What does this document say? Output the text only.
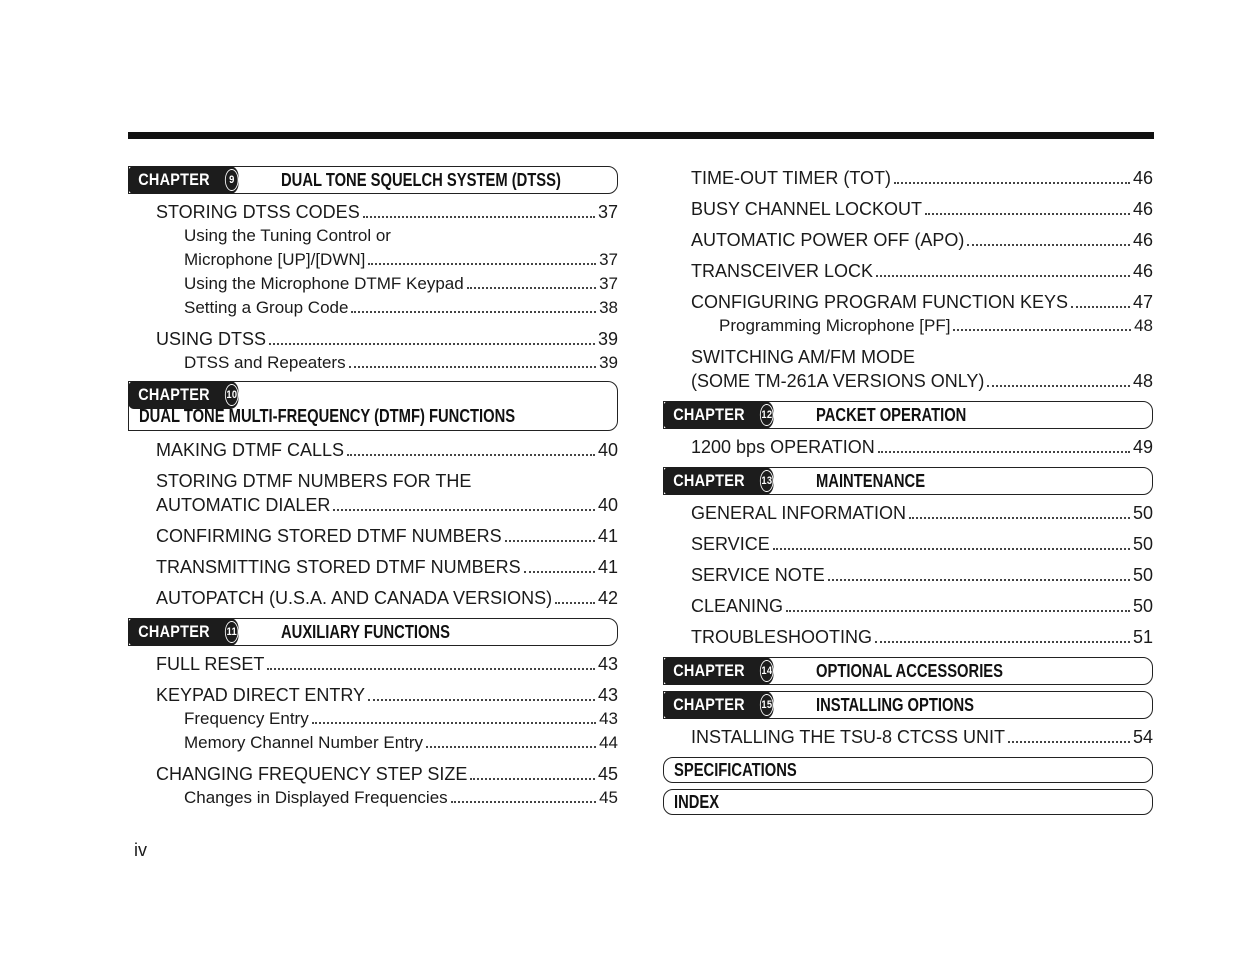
CHAPTER	9	DUAL TONE SQUELCH SYSTEM (DTSS)
STORING DTSS CODES	37
Using the Tuning Control or
Microphone [UP]/[DWN]	37
Using the Microphone DTMF Keypad	37
Setting a Group Code	38
USING DTSS	39
DTSS and Repeaters	39
CHAPTER 10
DUAL TONE MULTI-FREQUENCY (DTMF) FUNCTIONS
MAKING DTMF CALLS	40
STORING DTMF NUMBERS FOR THE
AUTOMATIC DIALER	40
CONFIRMING STORED DTMF NUMBERS	41
TRANSMITTING STORED DTMF NUMBERS	41
AUTOPATCH (U.S.A. AND CANADA VERSIONS)	42
CHAPTER 11 AUXILIARY FUNCTIONS
FULL RESET	43
KEYPAD DIRECT ENTRY	43
Frequency Entry	43
Memory Channel Number Entry	44
CHANGING FREQUENCY STEP SIZE	45
Changes in Displayed Frequencies	45
TIME-OUT TIMER (TOT)	46
BUSY CHANNEL LOCKOUT	46
AUTOMATIC POWER OFF (APO)	46
TRANSCEIVER LOCK	46
CONFIGURING PROGRAM FUNCTION KEYS	47
Programming Microphone [PF]	48
SWITCHING AM/FM MODE
(SOME TM-261A VERSIONS ONLY)	48
CHAPTER 12 PACKET OPERATION
1200 bps OPERATION	49
CHAPTER 13 MAINTENANCE
GENERAL INFORMATION	50
SERVICE	50
SERVICE NOTE	50
CLEANING	50
TROUBLESHOOTING	51
CHAPTER 14 OPTIONAL ACCESSORIES
CHAPTER 15 INSTALLING OPTIONS
INSTALLING THE TSU-8 CTCSS UNIT	54
SPECIFICATIONS
INDEX
iv
